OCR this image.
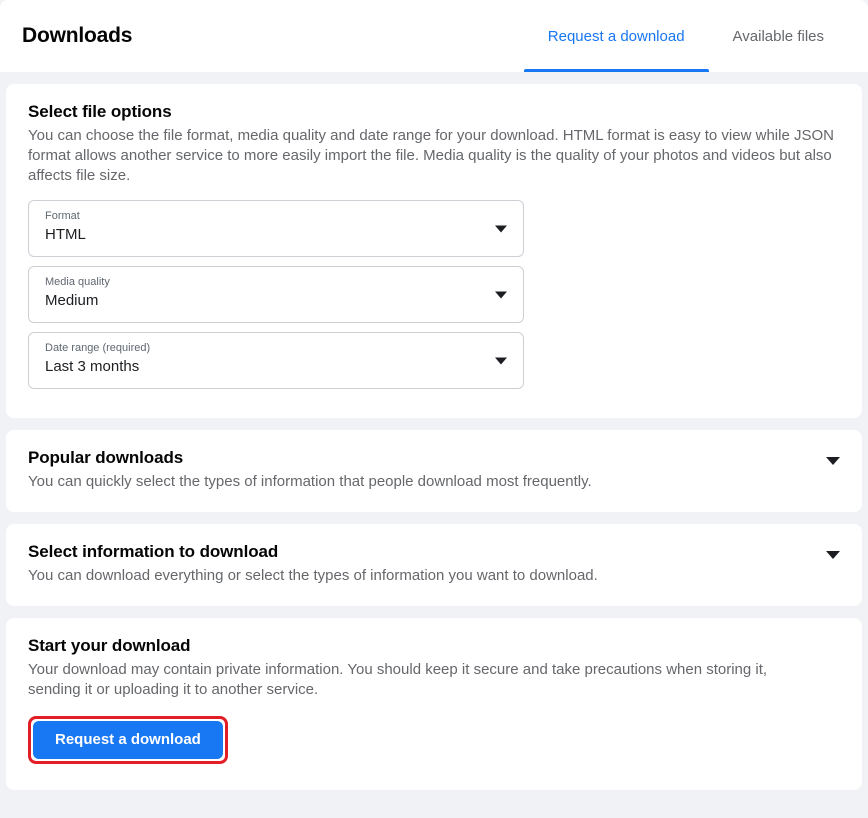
Downloads	Request a download	Available files
Select file options

You can choose the file format, media quality and date range for your download. HTML format is easy to view while JSON format allows another service to more easily import the file. Media quality is the quality of your photos and videos but also affects file size.

Format
HTML
Media quality
Medium
Date range (required)
Last 3 months
Popular downloads

You can quickly select the types of information that people download most frequently.

Select information to download

You can download everything or select the types of information you want to download.

Start your download

Your download may contain private information. You should keep it secure and take precautions when storing it, sending it or uploading it to another service.

Request a download
